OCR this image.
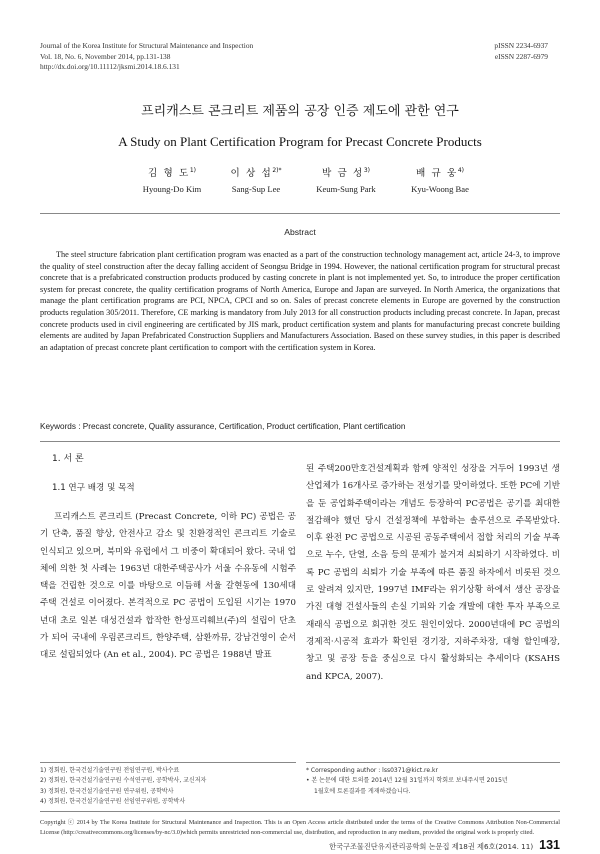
Journal of the Korea Institute for Structural Maintenance and Inspection
Vol. 18, No. 6, November 2014, pp.131-138
http://dx.doi.org/10.11112/jksmi.2014.18.6.131
pISSN 2234-6937
eISSN 2287-6979
프리캐스트 콘크리트 제품의 공장 인증 제도에 관한 연구
A Study on Plant Certification Program for Precast Concrete Products
김 형 도$^{1)}$
Hyoung-Do Kim
이 상 섭$^{2)*}$
Sang-Sup Lee
박 금 성$^{3)}$
Keum-Sung Park
배 규 웅$^{4)}$
Kyu-Woong Bae
Abstract
The steel structure fabrication plant certification program was enacted as a part of the construction technology management act, article 24-3, to improve the quality of steel construction after the decay falling accident of Seongsu Bridge in 1994. However, the national certification program for structural precast concrete that is a prefabricated construction products produced by casting concrete in plant is not implemented yet. So, to introduce the proper certification system for precast concrete, the quality certification programs of North America, Europe and Japan are surveyed. In North America, the organizations that manage the plant certification programs are PCI, NPCA, CPCI and so on. Sales of precast concrete elements in Europe are governed by the construction products regulation 305/2011. Therefore, CE marking is mandatory from July 2013 for all construction products including precast concrete. In Japan, precast concrete products used in civil engineering are certificated by JIS mark, product certification system and plants for manufacturing precast concrete building elements are audited by Japan Prefabricated Construction Suppliers and Manufacturers Association. Based on these survey studies, in this paper is described an adaptation of precast concrete plant certification to comport with the certification system in Korea.
Keywords : Precast concrete, Quality assurance, Certification, Product certification, Plant certification
1. 서 론
1.1 연구 배경 및 목적
프리캐스트 콘크리트 (Precast Concrete, 이하 PC) 공법은 공기 단축, 품질 향상, 안전사고 감소 및 친환경적인 콘크리트 기술로 인식되고 있으며, 북미와 유럽에서 그 비중이 확대되어 왔다. 국내 업체에 의한 첫 사례는 1963년 대한주택공사가 서울 수유동에 시험주택을 건립한 것으로 이를 바탕으로 이듬해 서울 갈현동에 130세대 주택 건설로 이어졌다. 본격적으로 PC 공법이 도입된 시기는 1970년대 초로 일본 대성건설과 합작한 한성프리훼브(주)의 설립이 단초가 되어 국내에 우림콘크리트, 한양주택, 삼환까뮤, 강남건영이 순서대로 설립되었다 (An et al., 2004). PC 공법은 1988년 발표
된 주택200만호건설계획과 함께 양적인 성장을 거두어 1993년 생산업체가 16개사로 증가하는 전성기를 맞이하였다. 또한 PC에 기반을 둔 공업화주택이라는 개념도 등장하여 PC공법은 공기를 최대한 절감해야 했던 당시 건설정책에 부합하는 솔루션으로 주목받았다. 이후 완전 PC 공법으로 시공된 공동주택에서 접합 처리의 기술 부족으로 누수, 단열, 소음 등의 문제가 불거져 쇠퇴하기 시작하였다. 비록 PC 공법의 쇠퇴가 기술 부족에 따른 품질 하자에서 비롯된 것으로 알려져 있지만, 1997년 IMF라는 위기상황 하에서 생산 공장을 가진 대형 건설사들의 손실 기피와 기술 개발에 대한 투자 부족으로 재래식 공법으로 회귀한 것도 원인이었다. 2000년대에 PC 공법의 경제적·시공적 효과가 확인된 경기장, 지하주차장, 대형 할인매장, 창고 및 공장 등을 중심으로 다시 활성화되는 추세이다 (KSAHS and KPCA, 2007).
1) 정회원, 한국건설기술연구원 전임연구원, 박사수료
2) 정회원, 한국건설기술연구원 수석연구원, 공학박사, 교신저자
3) 정회원, 한국건설기술연구원 연구위원, 공학박사
4) 정회원, 한국건설기술연구원 선임연구위원, 공학박사
* Corresponding author : lss0371@kict.re.kr
• 본 논문에 대한 토의를 2014년 12월 31일까지 학회로 보내주시면 2015년
1월호에 토론결과를 게재하겠습니다.
Copyright ⓒ 2014 by The Korea Institute for Structural Maintenance and Inspection. This is an Open Access article distributed under the terms of the Creative Commons Attribution Non-Commercial License (http://creativecommons.org/licenses/by-nc/3.0)which permits unrestricted non-commercial use, distribution, and reproduction in any medium, provided the original work is properly cited.
한국구조물진단유지관리공학회 논문집 제18권 제6호(2014. 11) 131
